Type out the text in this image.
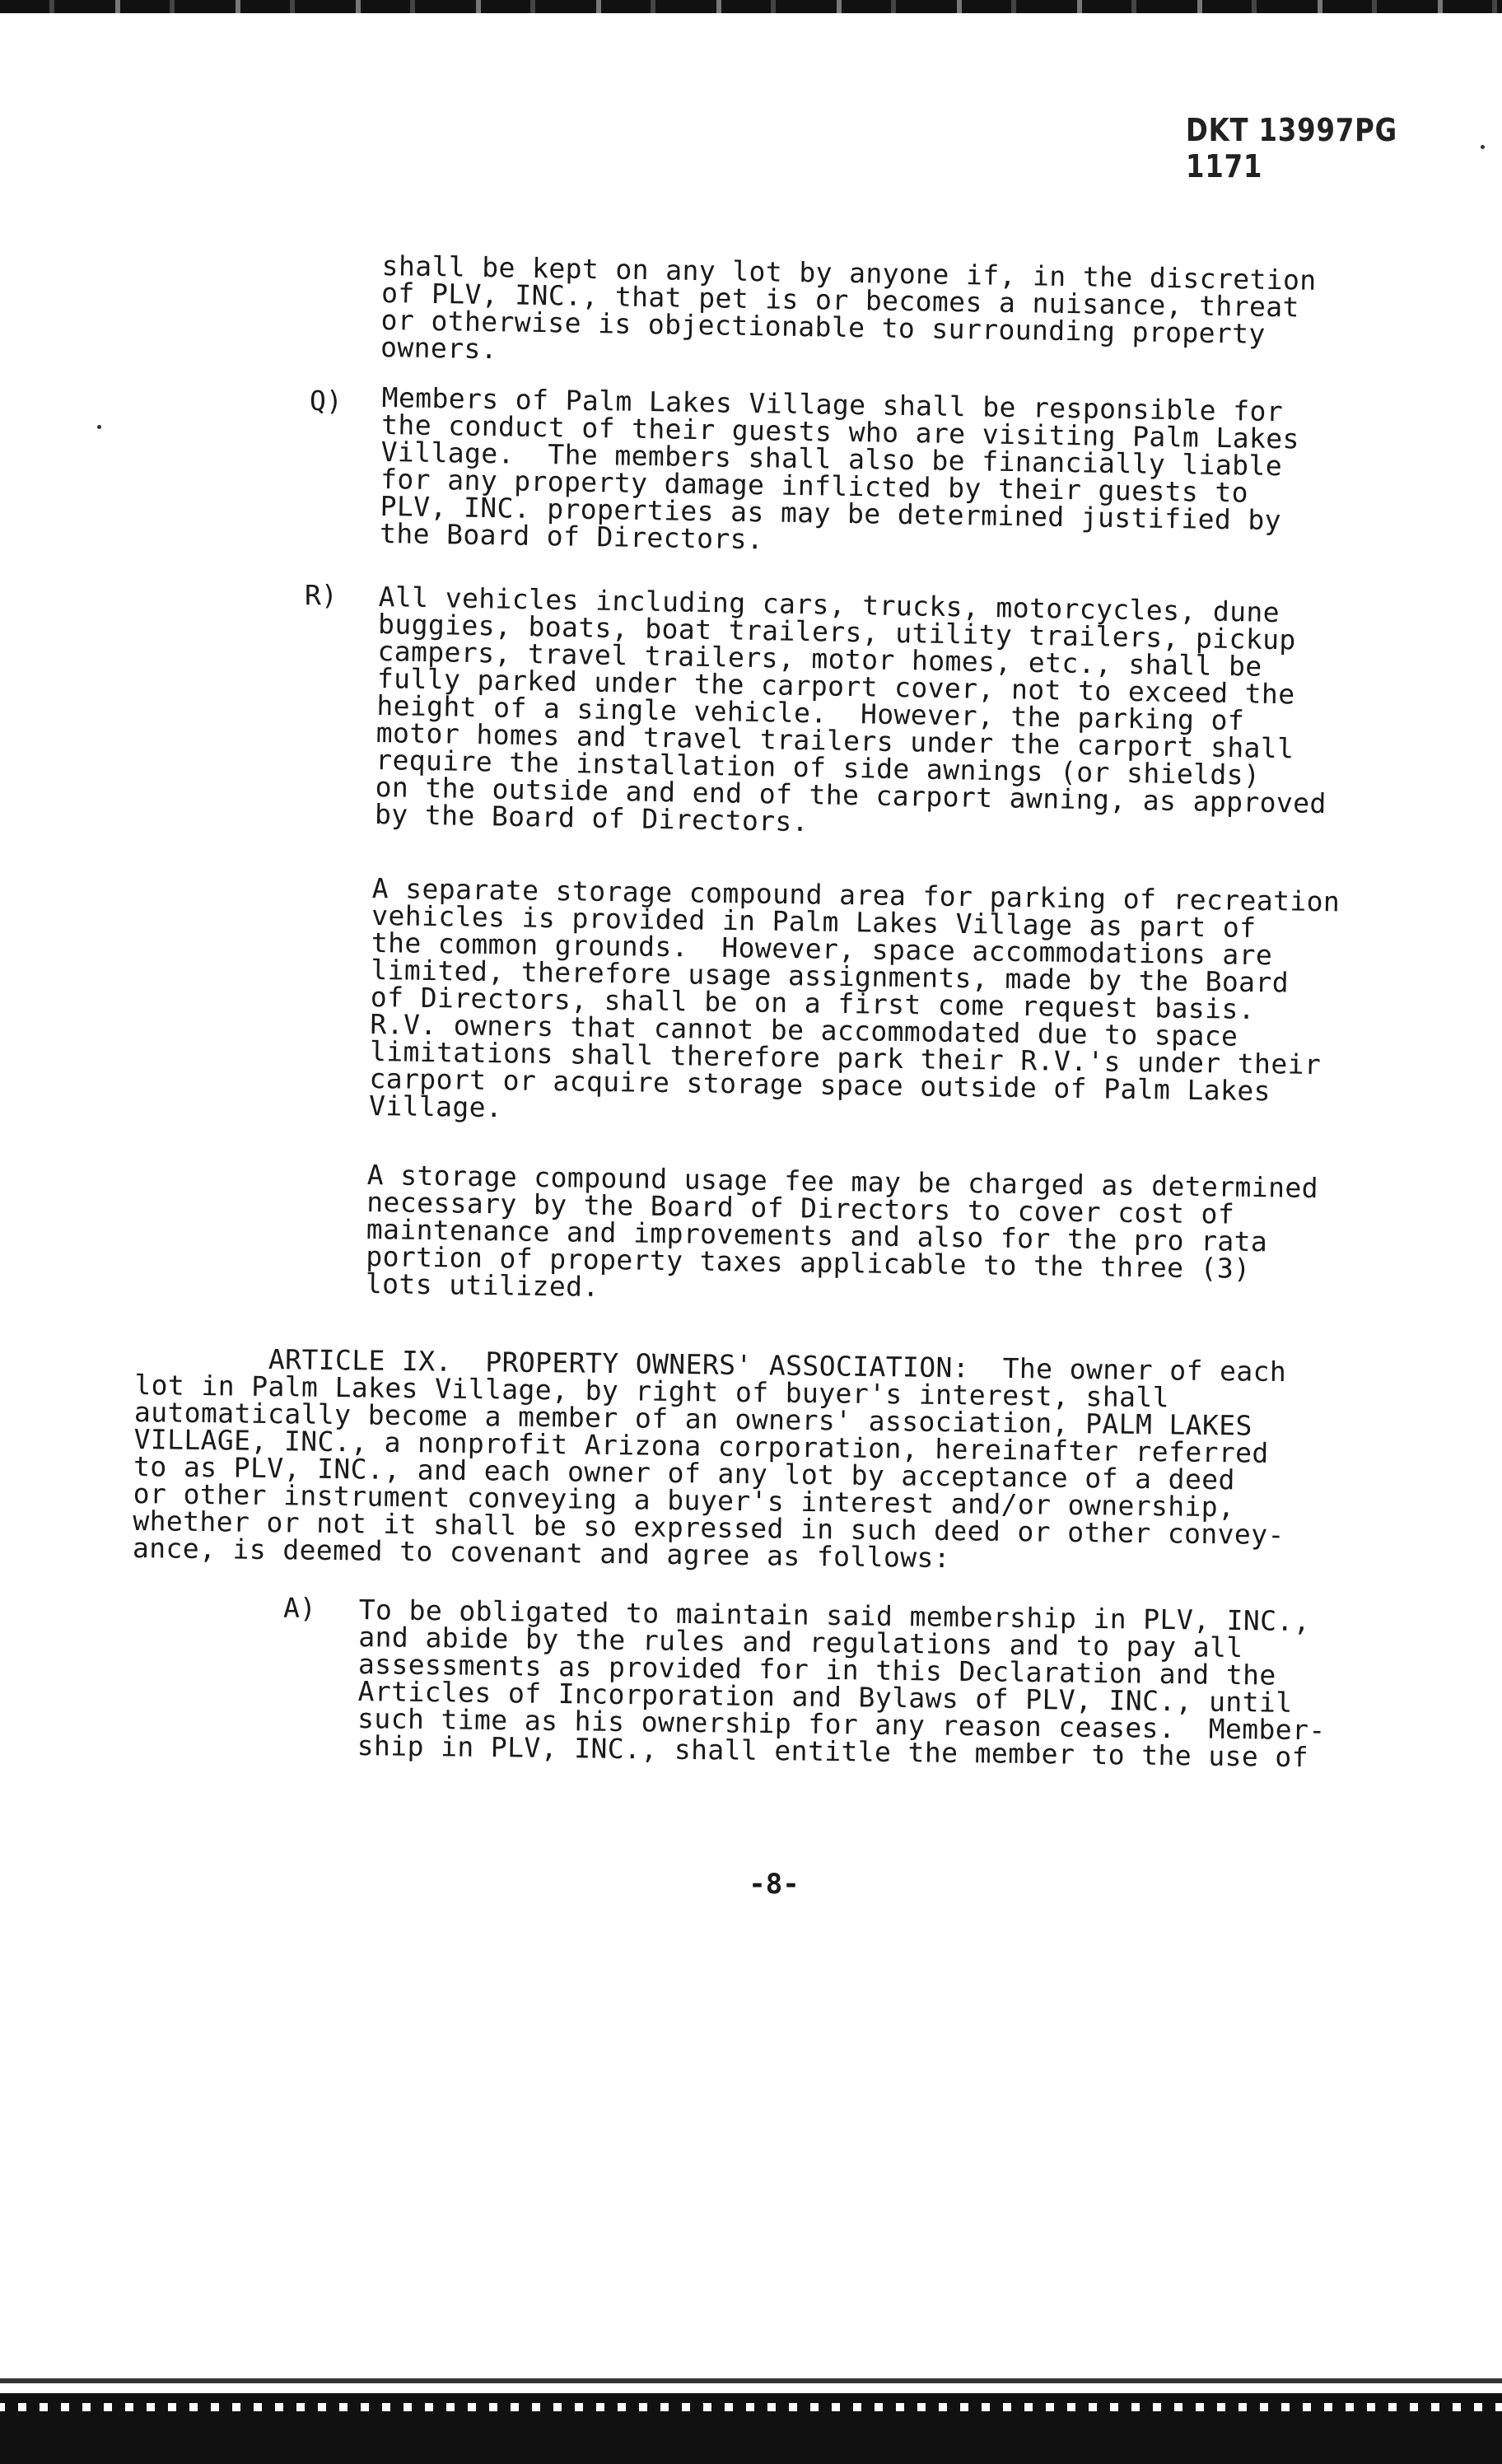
DKT 13997PG 1171
shall be kept on any lot by anyone if, in the discretion
of PLV, INC., that pet is or becomes a nuisance, threat
or otherwise is objectionable to surrounding property
owners.
Q) Members of Palm Lakes Village shall be responsible for
the conduct of their guests who are visiting Palm Lakes
Village.  The members shall also be financially liable
for any property damage inflicted by their guests to
PLV, INC. properties as may be determined justified by
the Board of Directors.
R) All vehicles including cars, trucks, motorcycles, dune
buggies, boats, boat trailers, utility trailers, pickup
campers, travel trailers, motor homes, etc., shall be
fully parked under the carport cover, not to exceed the
height of a single vehicle.  However, the parking of
motor homes and travel trailers under the carport shall
require the installation of side awnings (or shields)
on the outside and end of the carport awning, as approved
by the Board of Directors.
A separate storage compound area for parking of recreation
vehicles is provided in Palm Lakes Village as part of
the common grounds.  However, space accommodations are
limited, therefore usage assignments, made by the Board
of Directors, shall be on a first come request basis.
R.V. owners that cannot be accommodated due to space
limitations shall therefore park their R.V.'s under their
carport or acquire storage space outside of Palm Lakes
Village.
A storage compound usage fee may be charged as determined
necessary by the Board of Directors to cover cost of
maintenance and improvements and also for the pro rata
portion of property taxes applicable to the three (3)
lots utilized.
ARTICLE IX.  PROPERTY OWNERS' ASSOCIATION:  The owner of each
lot in Palm Lakes Village, by right of buyer's interest, shall
automatically become a member of an owners' association, PALM LAKES
VILLAGE, INC., a nonprofit Arizona corporation, hereinafter referred
to as PLV, INC., and each owner of any lot by acceptance of a deed
or other instrument conveying a buyer's interest and/or ownership,
whether or not it shall be so expressed in such deed or other convey-
ance, is deemed to covenant and agree as follows:
A) To be obligated to maintain said membership in PLV, INC.,
and abide by the rules and regulations and to pay all
assessments as provided for in this Declaration and the
Articles of Incorporation and Bylaws of PLV, INC., until
such time as his ownership for any reason ceases.  Member-
ship in PLV, INC., shall entitle the member to the use of
-8-
